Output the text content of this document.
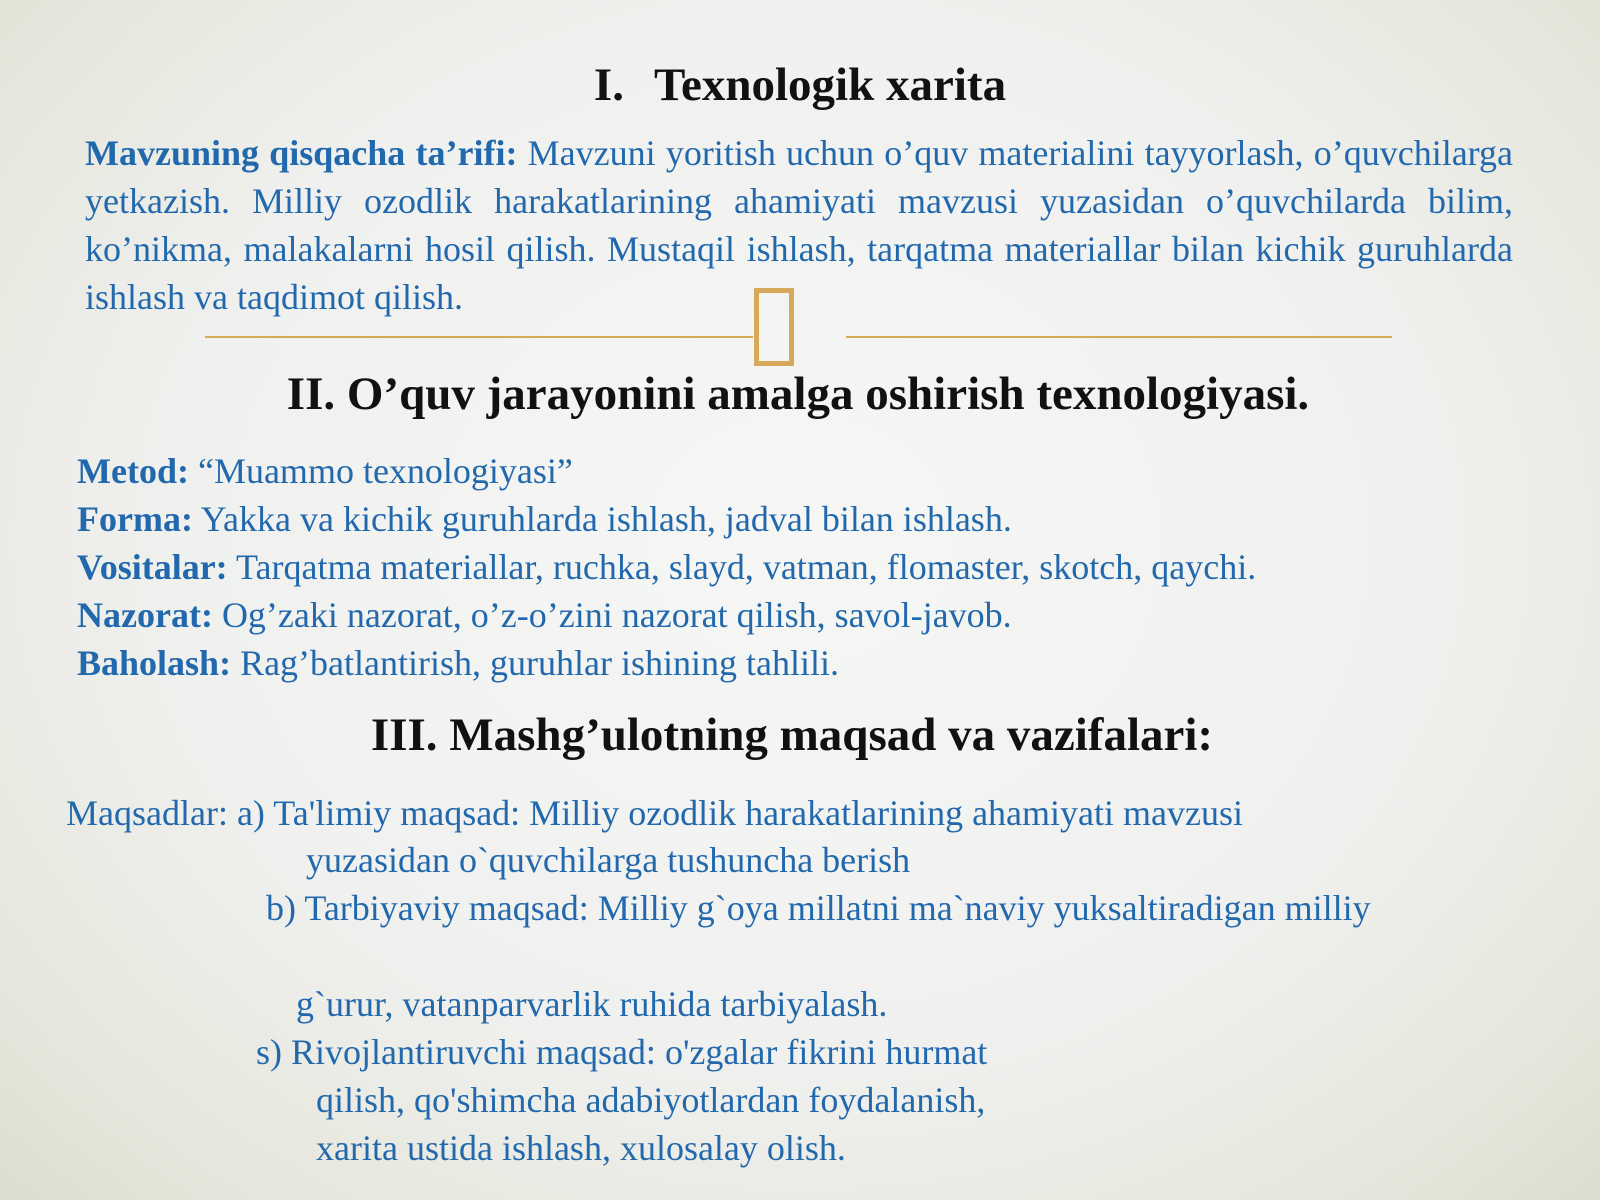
I. Texnologik xarita
Mavzuning qisqacha ta’rifi: Mavzuni yoritish uchun o’quv materialini tayyorlash, o’quvchilarga yetkazish. Milliy ozodlik harakatlarining ahamiyati mavzusi yuzasidan o’quvchilarda bilim, ko’nikma, malakalarni hosil qilish. Mustaqil ishlash, tarqatma materiallar bilan kichik guruhlarda ishlash va taqdimot qilish.
II. O’quv jarayonini amalga oshirish texnologiyasi.
Metod: “Muammo texnologiyasi”
Forma: Yakka va kichik guruhlarda ishlash, jadval bilan ishlash.
Vositalar: Tarqatma materiallar, ruchka, slayd, vatman, flomaster, skotch, qaychi.
Nazorat: Og’zaki nazorat, o’z-o’zini nazorat qilish, savol-javob.
Baholash: Rag’batlantirish, guruhlar ishining tahlili.
III. Mashg’ulotning maqsad va vazifalari:
Maqsadlar: a) Ta'limiy maqsad: Milliy ozodlik harakatlarining ahamiyati mavzusi
yuzasidan o`quvchilarga tushuncha berish
b) Tarbiyaviy maqsad: Milliy g`oya millatni ma`naviy yuksaltiradigan milliy
g`urur, vatanparvarlik ruhida tarbiyalash.
s) Rivojlantiruvchi maqsad: o'zgalar fikrini hurmat
qilish, qo'shimcha adabiyotlardan foydalanish,
xarita ustida ishlash, xulosalay olish.
